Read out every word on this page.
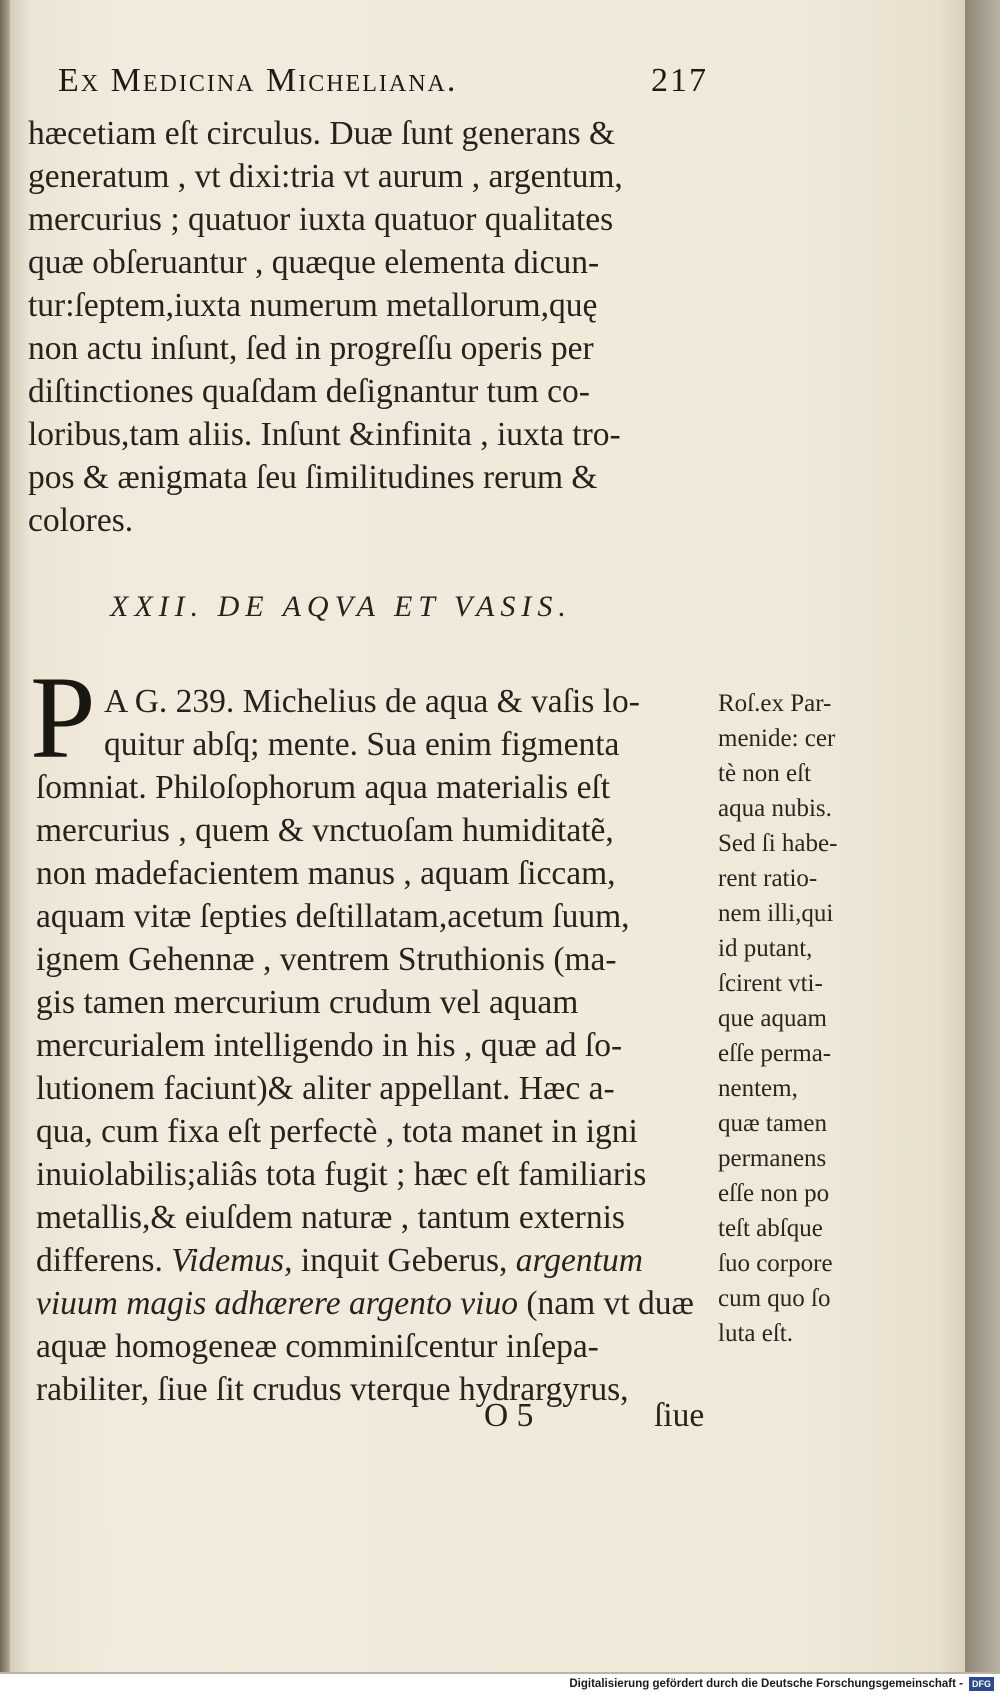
Ex Medicina Micheliana.	217
hæcetiam eſt circulus. Duæ ſunt generans &
generatum , vt dixi:tria vt aurum , argentum,
mercurius ; quatuor iuxta quatuor qualitates
quæ obſeruantur , quæque elementa dicun-
tur:ſeptem,iuxta numerum metallorum,quę
non actu inſunt, ſed in progreſſu operis per
diſtinctiones quaſdam deſignantur tum co-
loribus,tam aliis. Inſunt &infinita , iuxta tro-
pos & ænigmata ſeu ſimilitudines rerum &
colores.
XXII. DE AQVA ET VASIS.
P A G. 239. Michelius de aqua & vaſis lo-
quitur abſq; mente. Sua enim figmenta
ſomniat. Philoſophorum aqua materialis eſt
mercurius , quem & vnctuoſam humiditatẽ,
non madefacientem manus , aquam ſiccam,
aquam vitæ ſepties deſtillatam,acetum ſuum,
ignem Gehennæ , ventrem Struthionis (ma-
gis tamen mercurium crudum vel aquam
mercurialem intelligendo in his , quæ ad ſo-
lutionem faciunt)& aliter appellant. Hæc a-
qua, cum fixa eſt perfectè , tota manet in igni
inuiolabilis;aliâs tota fugit ; hæc eſt familiaris
metallis,& eiuſdem naturæ , tantum externis
differens. Videmus, inquit Geberus, argentum
viuum magis adhærere argento viuo (nam vt duæ
aquæ homogeneæ comminiſcentur inſepa-
rabiliter, ſiue ſit crudus vterque hydrargyrus,
Roſ.ex Par-
menide: cer
tè non eſt
aqua nubis.
Sed ſi habe-
rent ratio-
nem illi,qui
id putant,
ſcirent vti-
que aquam
eſſe perma-
nentem,
quæ tamen
permanens
eſſe non po
teſt abſque
ſuo corpore
cum quo ſo
luta eſt.
O 5	ſiue
Digitalisierung gefördert durch die Deutsche Forschungsgemeinschaft - DFG
